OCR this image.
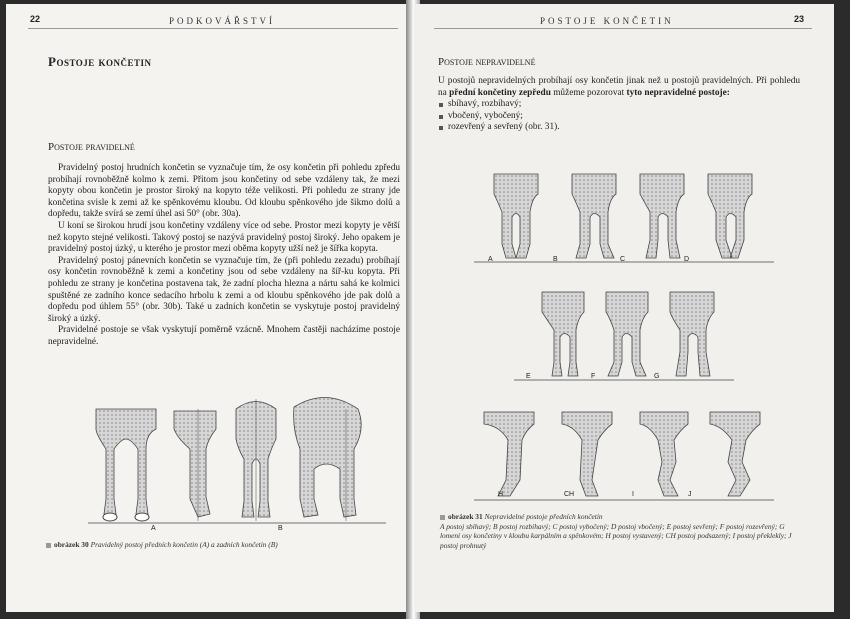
22	PODKOVÁŘSTVÍ
Postoje končetin
Postoje pravidelné

Pravidelný postoj hrudních končetin se vyznačuje tím, že osy končetin při pohledu zpředu probíhají rovnoběžně kolmo k zemi. Přitom jsou končetiny od sebe vzdáleny tak, že mezi kopyty obou končetin je prostor široký na kopyto téže velikosti. Při pohledu ze strany jde končetina svisle k zemi až ke spěnkovému kloubu. Od kloubu spěnkového jde šikmo dolů a dopředu, takže svírá se zemí úhel asi 50° (obr. 30a).

U koní se širokou hrudí jsou končetiny vzdáleny více od sebe. Prostor mezi kopyty je větší než kopyto stejné velikosti. Takový postoj se nazývá pravidelný postoj široký. Jeho opakem je pravidelný postoj úzký, u kterého je prostor mezi oběma kopyty užší než je šířka kopyta.

Pravidelný postoj pánevních končetin se vyznačuje tím, že (při pohledu zezadu) probíhají osy končetin rovnoběžně k zemi a končetiny jsou od sebe vzdáleny na šíř-ku kopyta. Při pohledu ze strany je končetina postavena tak, že zadní plocha hlezna a nártu sahá ke kolmici spuštěné ze zadního konce sedacího hrbolu k zemi a od kloubu spěnkového jde pak dolů a dopředu pod úhlem 55° (obr. 30b). Také u zadních končetin se vyskytuje postoj pravidelný široký a úzký.

Pravidelné postoje se však vyskytují poměrně vzácně. Mnohem častěji nacházíme postoje nepravidelné.

A	B
obrázek 30 Pravidelný postoj předních končetin (A) a zadních končetin (B)
POSTOJE KONČETIN	23
Postoje nepravidelné

U postojů nepravidelných probíhají osy končetin jinak než u postojů pravidelných. Při pohledu na přední končetiny zepředu můžeme pozorovat tyto nepravidelné postoje:

sbíhavý, rozbíhavý;
vbočený, vybočený;
rozevřený a sevřený (obr. 31).
A	B	C	D
E	F	G
H	CH	I	J
obrázek 31 Nepravidelné postoje předních končetin
A postoj sbíhavý; B postoj rozbíhavý; C postoj vybočený; D postoj vbočený; E postoj sevřený; F postoj rozevřený; G lomení osy končetiny v kloubu karpálním a spěnkovém; H postoj vystavený; CH postoj podsazený; I postoj překlekly; J postoj prohnutý
